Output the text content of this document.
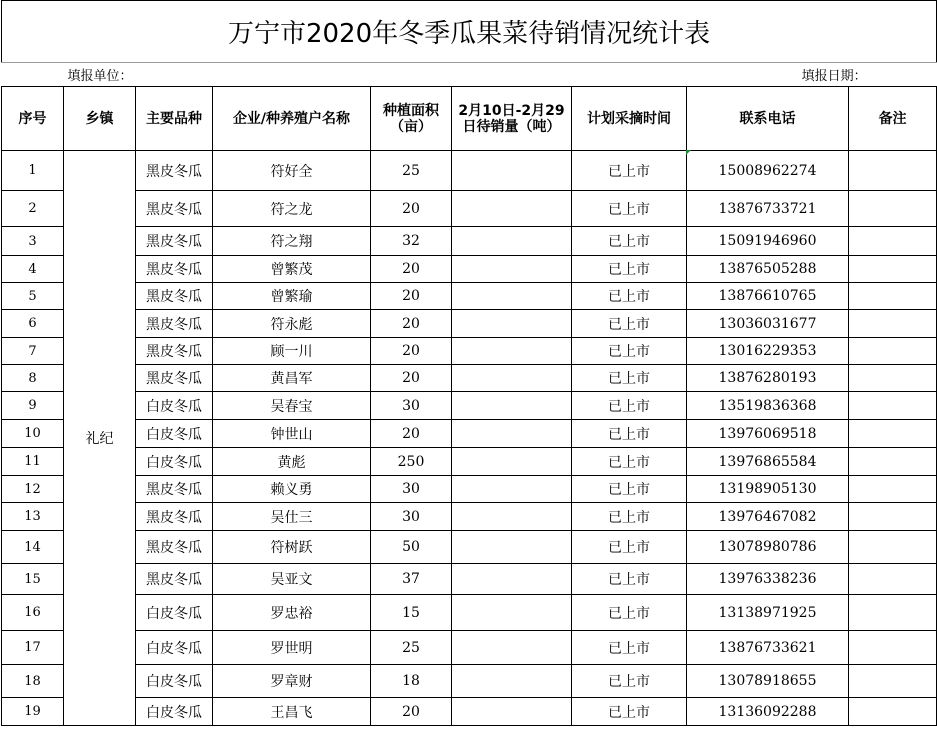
万宁市2020年冬季瓜果菜待销情况统计表								
填报单位：					填报日期：			
序号	乡镇	主要品种	企业/种养殖户名称	种植面积（亩）	2月10日-2月29日待销量（吨）	计划采摘时间	联系电话	备注
1	礼纪	黑皮冬瓜	符好全	25		已上市	15008962274	
2		黑皮冬瓜	符之龙	20		已上市	13876733721	
3		黑皮冬瓜	符之翔	32		已上市	15091946960	
4		黑皮冬瓜	曾繁茂	20		已上市	13876505288	
5		黑皮冬瓜	曾繁瑜	20		已上市	13876610765	
6		黑皮冬瓜	符永彪	20		已上市	13036031677	
7		黑皮冬瓜	顾一川	20		已上市	13016229353	
8		黑皮冬瓜	黄昌军	20		已上市	13876280193	
9		白皮冬瓜	吴春宝	30		已上市	13519836368	
10		白皮冬瓜	钟世山	20		已上市	13976069518	
11		白皮冬瓜	黄彪	250		已上市	13976865584	
12		黑皮冬瓜	赖义勇	30		已上市	13198905130	
13		黑皮冬瓜	吴仕三	30		已上市	13976467082	
14		黑皮冬瓜	符树跃	50		已上市	13078980786	
15		黑皮冬瓜	吴亚文	37		已上市	13976338236	
16		白皮冬瓜	罗忠裕	15		已上市	13138971925	
17		白皮冬瓜	罗世明	25		已上市	13876733621	
18		白皮冬瓜	罗章财	18		已上市	13078918655	
19		白皮冬瓜	王昌飞	20		已上市	13136092288	
